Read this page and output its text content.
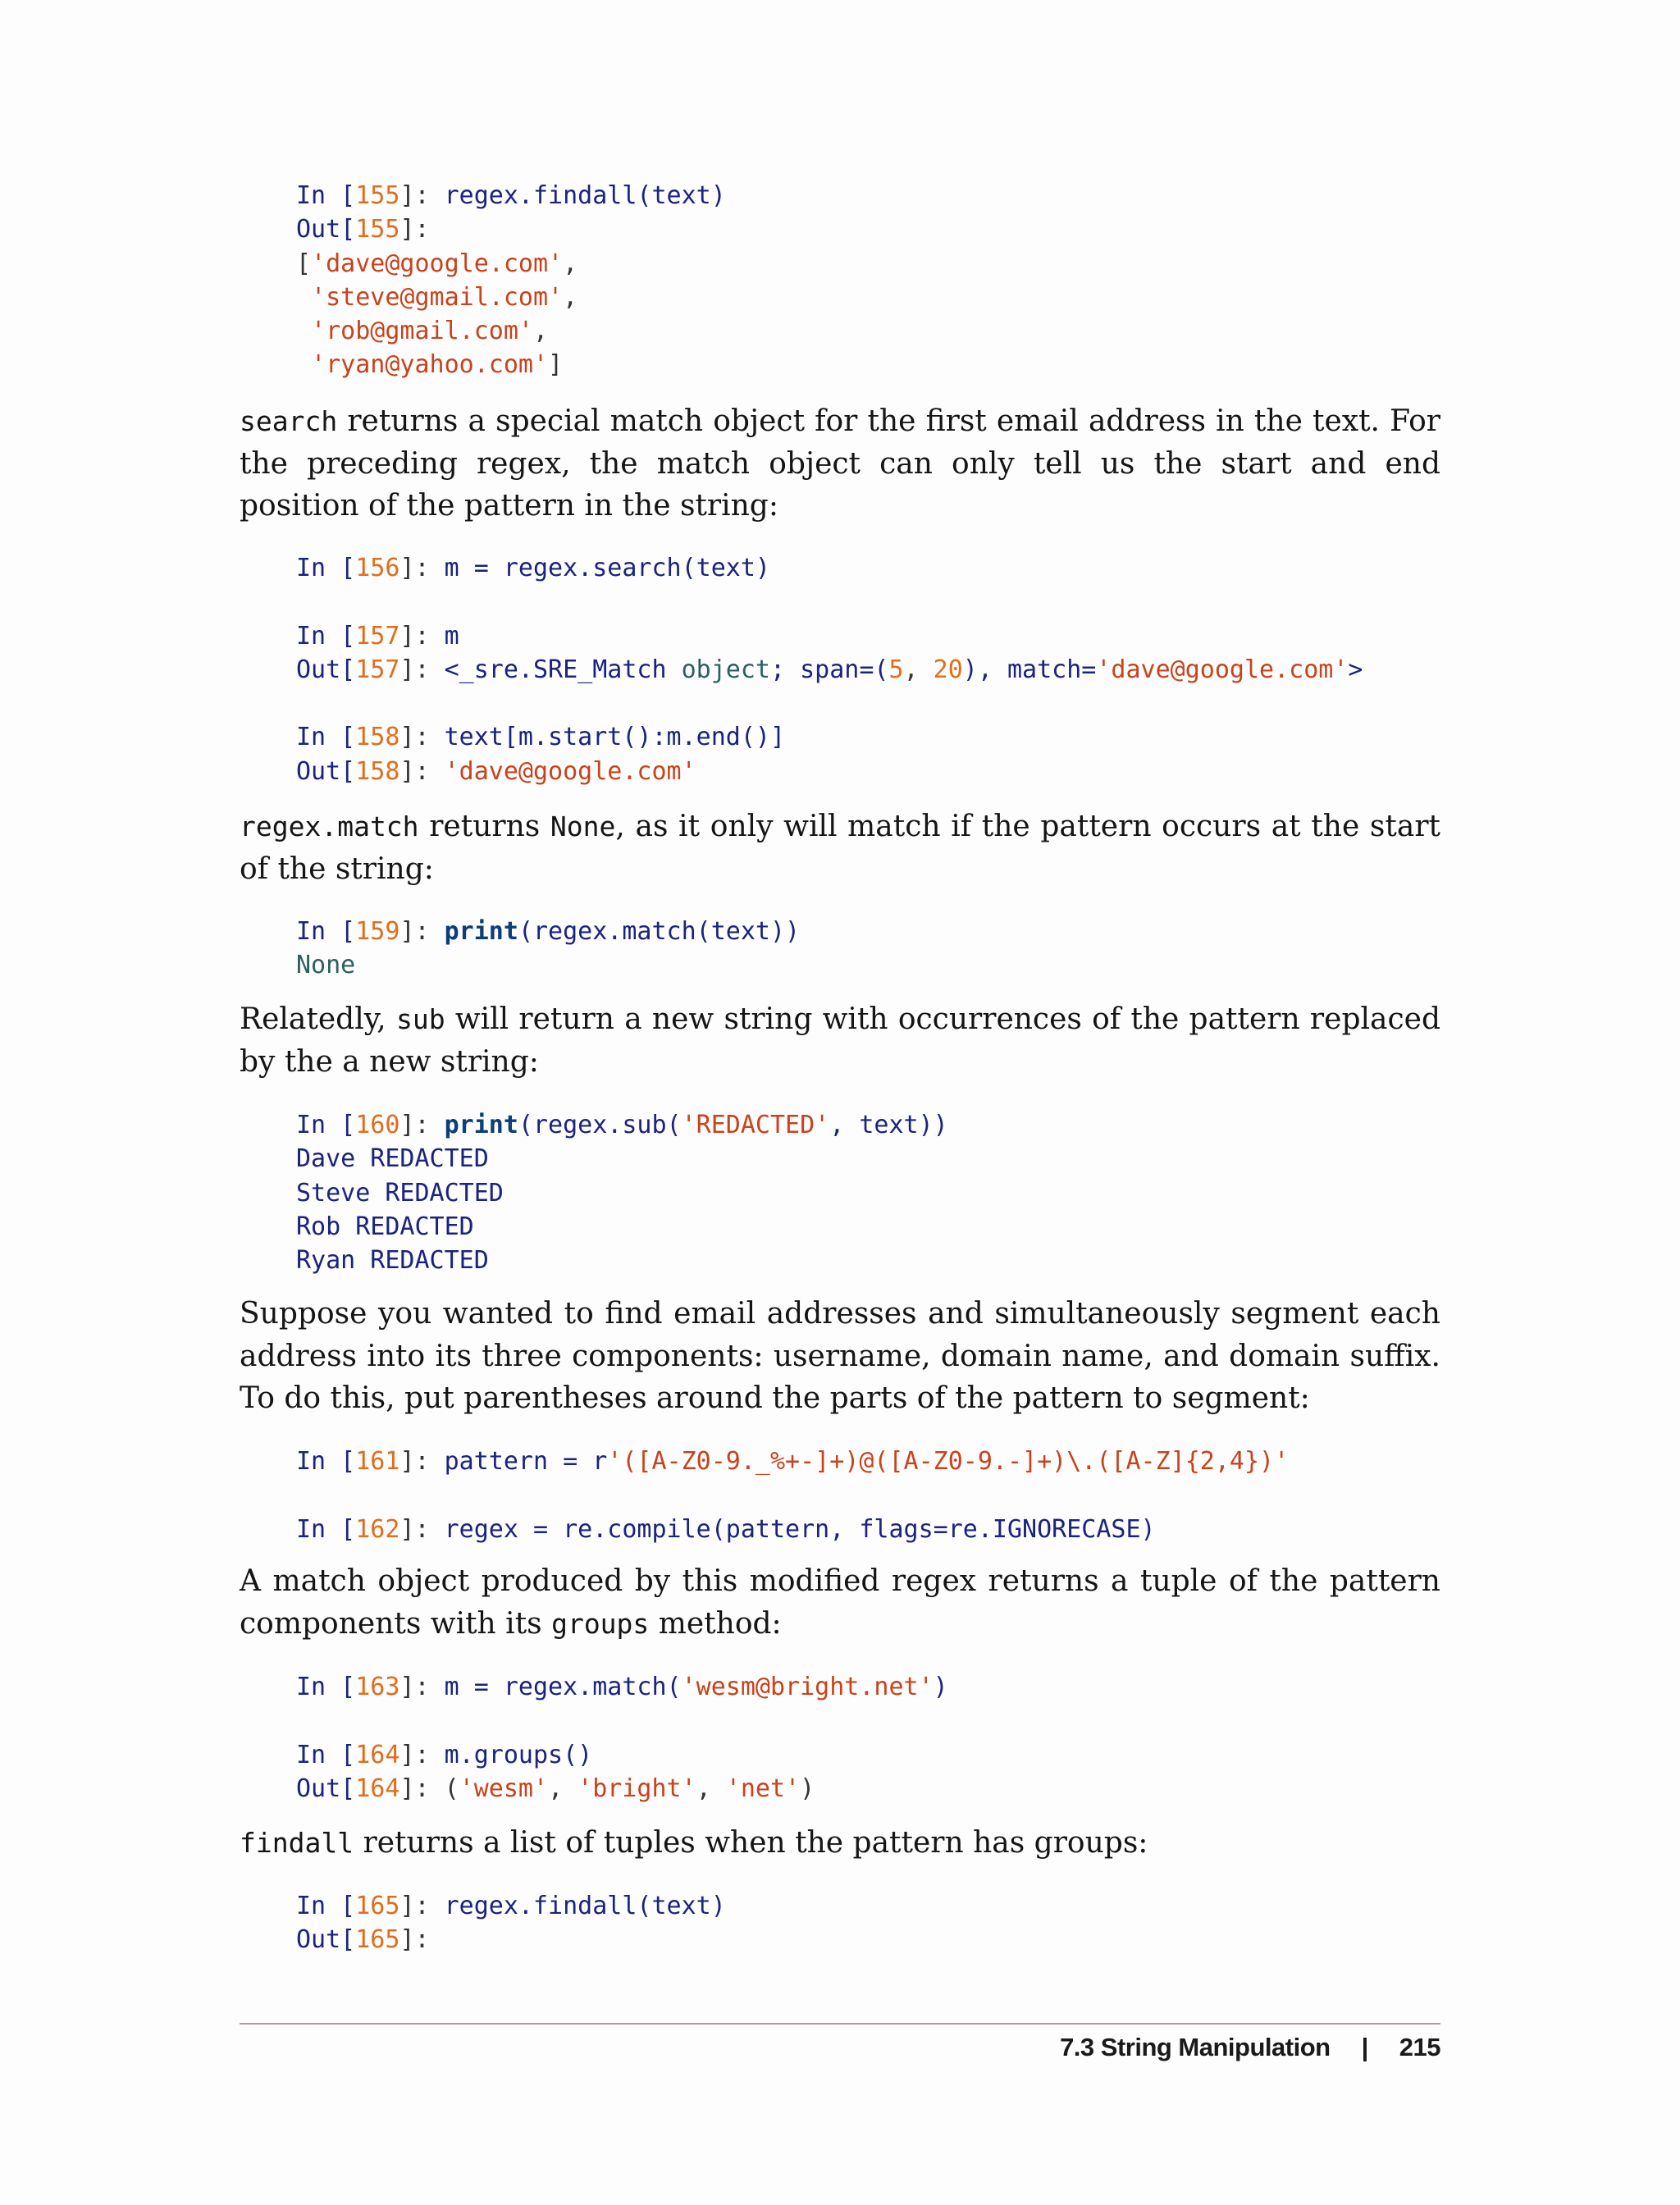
In [155]: regex.findall(text)
Out[155]:
['dave@google.com',
'steve@gmail.com',
'rob@gmail.com',
'ryan@yahoo.com']

search returns a special match object for the first email address in the text. For the preceding regex, the match object can only tell us the start and end position of the pattern in the string:

In [156]: m = regex.search(text)

In [157]: m
Out[157]: <_sre.SRE_Match object; span=(5, 20), match='dave@google.com'>

In [158]: text[m.start():m.end()]
Out[158]: 'dave@google.com'

regex.match returns None, as it only will match if the pattern occurs at the start of the string:

In [159]: print(regex.match(text))
None

Relatedly, sub will return a new string with occurrences of the pattern replaced by the a new string:

In [160]: print(regex.sub('REDACTED', text))
Dave REDACTED
Steve REDACTED
Rob REDACTED
Ryan REDACTED

Suppose you wanted to find email addresses and simultaneously segment each address into its three components: username, domain name, and domain suffix. To do this, put parentheses around the parts of the pattern to segment:

In [161]: pattern = r'([A-Z0-9._%+-]+)@([A-Z0-9.-]+)\.([A-Z]{2,4})'

In [162]: regex = re.compile(pattern, flags=re.IGNORECASE)

A match object produced by this modified regex returns a tuple of the pattern components with its groups method:

In [163]: m = regex.match('wesm@bright.net')

In [164]: m.groups()
Out[164]: ('wesm', 'bright', 'net')

findall returns a list of tuples when the pattern has groups:

In [165]: regex.findall(text)
Out[165]:
7.3 String Manipulation | 215
